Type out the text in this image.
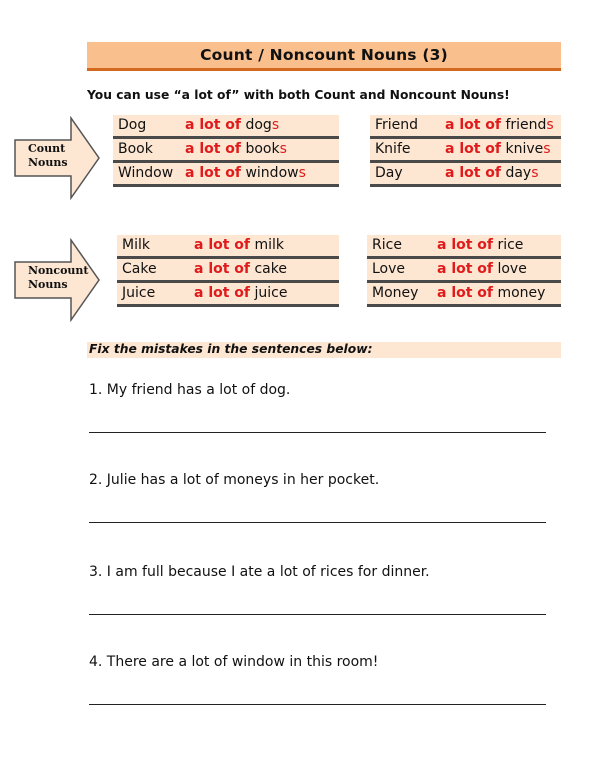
Count / Noncount Nouns (3)
You can use “a lot of” with both Count and Noncount Nouns!
Count
Nouns
Noncount
Nouns
Dog	a lot of dogs
Book a lot of books
Window a lot of windows
Friend a lot of friends
Knife a lot of knives
Day	a lot of days
Milk	a lot of milk
Cake	a lot of cake
Juice	a lot of juice
Rice	a lot of rice
Love a lot of love
Money a lot of money
Fix the mistakes in the sentences below:
1. My friend has a lot of dog.
2. Julie has a lot of moneys in her pocket.
3. I am full because I ate a lot of rices for dinner.
4. There are a lot of window in this room!
